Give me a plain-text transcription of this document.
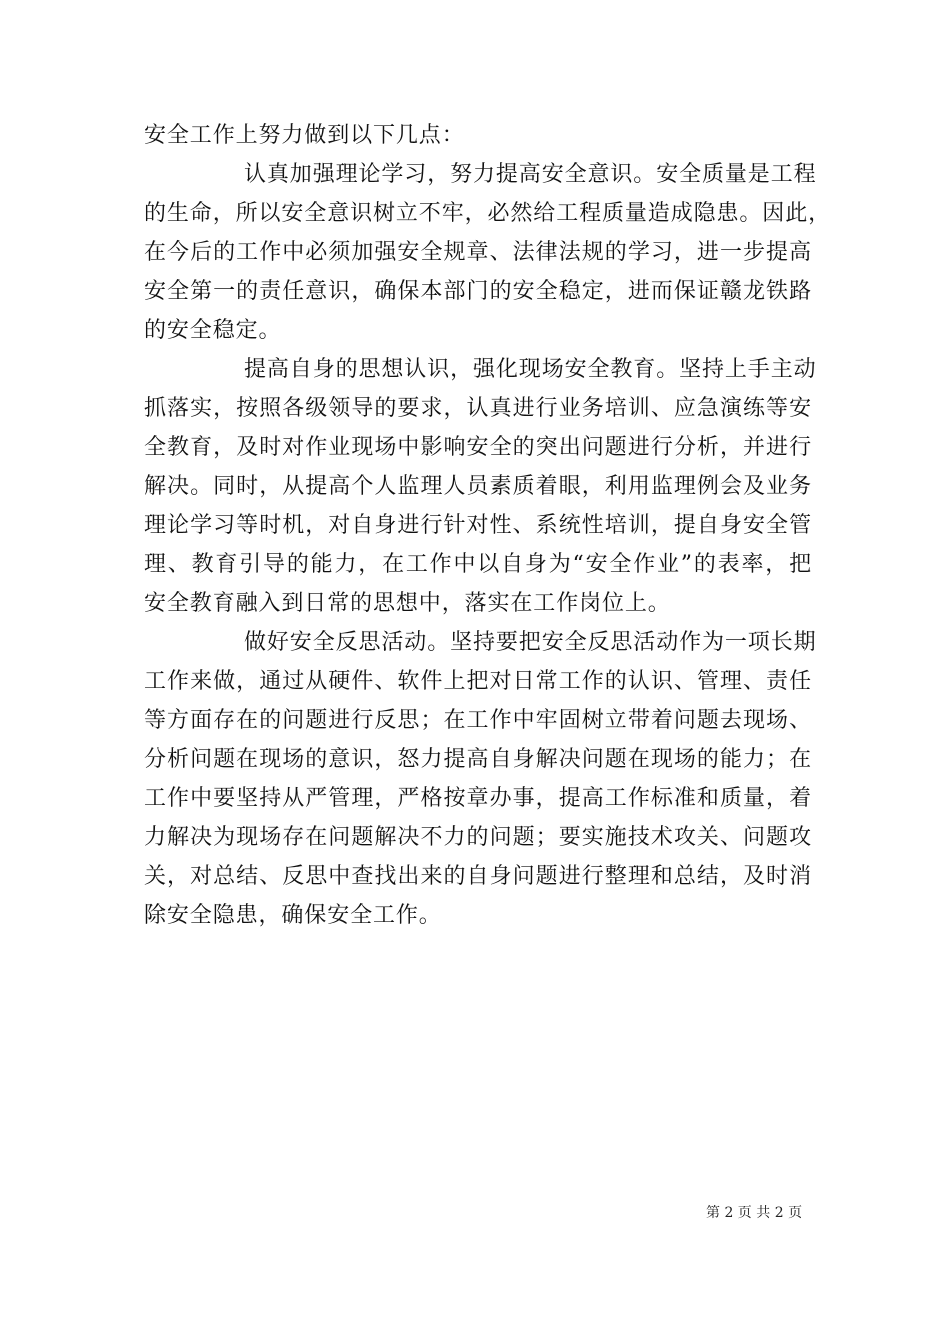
安全工作上努力做到以下几点：
认真加强理论学习，努力提高安全意识。安全质量是工程
的生命，所以安全意识树立不牢，必然给工程质量造成隐患。因此，
在今后的工作中必须加强安全规章、法律法规的学习，进一步提高
安全第一的责任意识，确保本部门的安全稳定，进而保证赣龙铁路
的安全稳定。
提高自身的思想认识，强化现场安全教育。坚持上手主动
抓落实，按照各级领导的要求，认真进行业务培训、应急演练等安
全教育，及时对作业现场中影响安全的突出问题进行分析，并进行
解决。同时，从提高个人监理人员素质着眼，利用监理例会及业务
理论学习等时机，对自身进行针对性、系统性培训，提自身安全管
理、教育引导的能力，在工作中以自身为“安全作业”的表率，把
安全教育融入到日常的思想中，落实在工作岗位上。
做好安全反思活动。坚持要把安全反思活动作为一项长期
工作来做，通过从硬件、软件上把对日常工作的认识、管理、责任
等方面存在的问题进行反思；在工作中牢固树立带着问题去现场、
分析问题在现场的意识，怒力提高自身解决问题在现场的能力；在
工作中要坚持从严管理，严格按章办事，提高工作标准和质量，着
力解决为现场存在问题解决不力的问题；要实施技术攻关、问题攻
关，对总结、反思中查找出来的自身问题进行整理和总结，及时消
除安全隐患，确保安全工作。
第 2 页 共 2 页
